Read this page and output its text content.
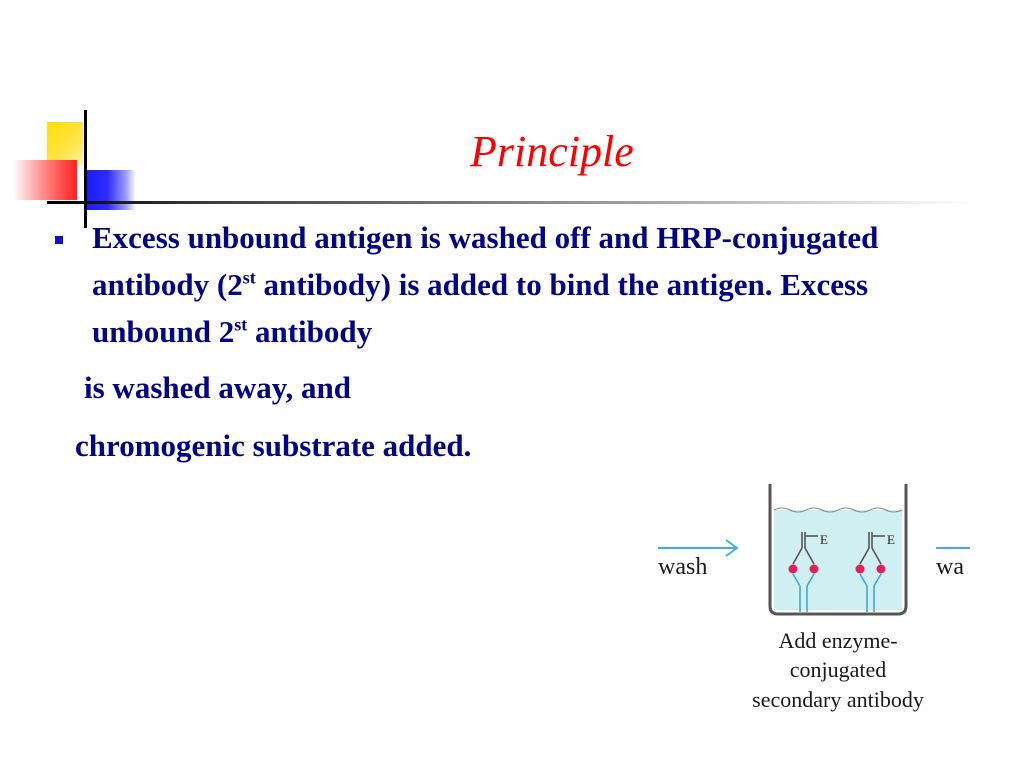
Principle

Excess unbound antigen is washed off and HRP-conjugated antibody (2st antibody) is added to bind the antigen. Excess unbound 2st antibody

is washed away, and
chromogenic substrate added.
wash	wa
E	E
Add enzyme-
conjugated
secondary antibody
